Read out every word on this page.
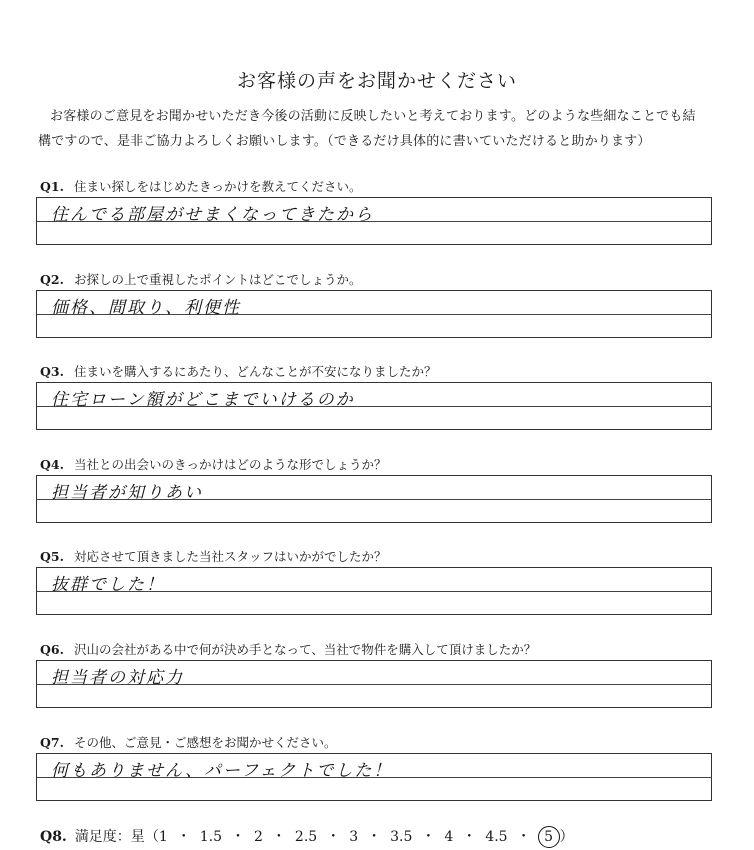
お客様の声をお聞かせください
お客様のご意見をお聞かせいただき今後の活動に反映したいと考えております。どのような些細なことでも結
構ですので、是非ご協力よろしくお願いします。（できるだけ具体的に書いていただけると助かります）
Q1. 住まい探しをはじめたきっかけを教えてください。
住んでる部屋がせまくなってきたから
Q2. お探しの上で重視したポイントはどこでしょうか。
価格、間取り、利便性
Q3. 住まいを購入するにあたり、どんなことが不安になりましたか？
住宅ローン額がどこまでいけるのか
Q4. 当社との出会いのきっかけはどのような形でしょうか？
担当者が知りあい
Q5. 対応させて頂きました当社スタッフはいかがでしたか？
抜群でした！
Q6. 沢山の会社がある中で何が決め手となって、当社で物件を購入して頂けましたか？
担当者の対応力
Q7. その他、ご意見・ご感想をお聞かせください。
何もありません、パーフェクトでした！
Q8. 満足度：星（1 ・ 1.5 ・ 2 ・ 2.5 ・ 3 ・ 3.5 ・ 4 ・ 4.5 ・ 5 ）
